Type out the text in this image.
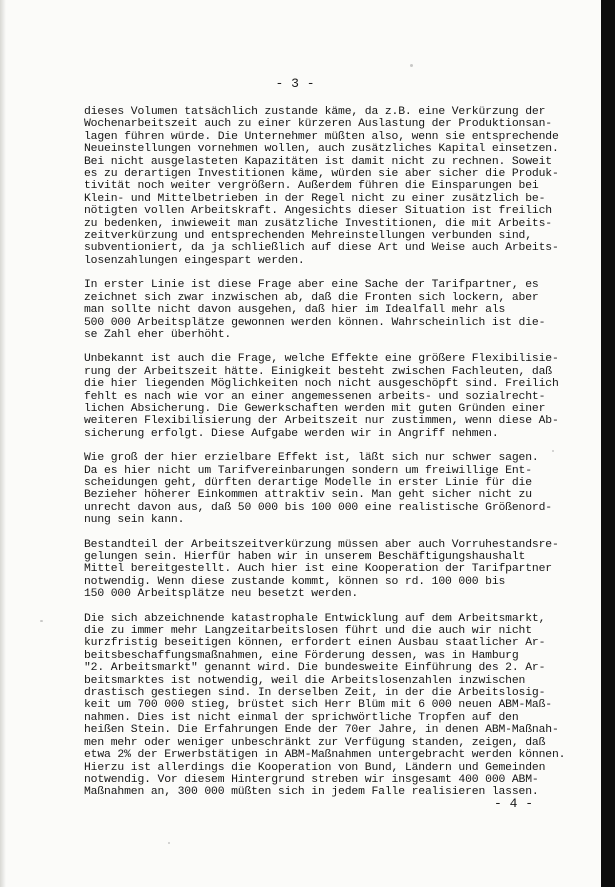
- 3 -

dieses Volumen tatsächlich zustande käme, da z.B. eine Verkürzung der
Wochenarbeitszeit auch zu einer kürzeren Auslastung der Produktionsan-
lagen führen würde. Die Unternehmer müßten also, wenn sie entsprechende
Neueinstellungen vornehmen wollen, auch zusätzliches Kapital einsetzen.
Bei nicht ausgelasteten Kapazitäten ist damit nicht zu rechnen. Soweit
es zu derartigen Investitionen käme, würden sie aber sicher die Produk-
tivität noch weiter vergrößern. Außerdem führen die Einsparungen bei
Klein- und Mittelbetrieben in der Regel nicht zu einer zusätzlich be-
nötigten vollen Arbeitskraft. Angesichts dieser Situation ist freilich
zu bedenken, inwieweit man zusätzliche Investitionen, die mit Arbeits-
zeitverkürzung und entsprechenden Mehreinstellungen verbunden sind,
subventioniert, da ja schließlich auf diese Art und Weise auch Arbeits-
losenzahlungen eingespart werden.

In erster Linie ist diese Frage aber eine Sache der Tarifpartner, es
zeichnet sich zwar inzwischen ab, daß die Fronten sich lockern, aber
man sollte nicht davon ausgehen, daß hier im Idealfall mehr als
500 000 Arbeitsplätze gewonnen werden können. Wahrscheinlich ist die-
se Zahl eher überhöht.

Unbekannt ist auch die Frage, welche Effekte eine größere Flexibilisie-
rung der Arbeitszeit hätte. Einigkeit besteht zwischen Fachleuten, daß
die hier liegenden Möglichkeiten noch nicht ausgeschöpft sind. Freilich
fehlt es nach wie vor an einer angemessenen arbeits- und sozialrecht-
lichen Absicherung. Die Gewerkschaften werden mit guten Gründen einer
weiteren Flexibilisierung der Arbeitszeit nur zustimmen, wenn diese Ab-
sicherung erfolgt. Diese Aufgabe werden wir in Angriff nehmen.

Wie groß der hier erzielbare Effekt ist, läßt sich nur schwer sagen.
Da es hier nicht um Tarifvereinbarungen sondern um freiwillige Ent-
scheidungen geht, dürften derartige Modelle in erster Linie für die
Bezieher höherer Einkommen attraktiv sein. Man geht sicher nicht zu
unrecht davon aus, daß 50 000 bis 100 000 eine realistische Größenord-
nung sein kann.

Bestandteil der Arbeitszeitverkürzung müssen aber auch Vorruhestandsre-
gelungen sein. Hierfür haben wir in unserem Beschäftigungshaushalt
Mittel bereitgestellt. Auch hier ist eine Kooperation der Tarifpartner
notwendig. Wenn diese zustande kommt, können so rd. 100 000 bis
150 000 Arbeitsplätze neu besetzt werden.

Die sich abzeichnende katastrophale Entwicklung auf dem Arbeitsmarkt,
die zu immer mehr Langzeitarbeitslosen führt und die auch wir nicht
kurzfristig beseitigen können, erfordert einen Ausbau staatlicher Ar-
beitsbeschaffungsmaßnahmen, eine Förderung dessen, was in Hamburg
"2. Arbeitsmarkt" genannt wird. Die bundesweite Einführung des 2. Ar-
beitsmarktes ist notwendig, weil die Arbeitslosenzahlen inzwischen
drastisch gestiegen sind. In derselben Zeit, in der die Arbeitslosig-
keit um 700 000 stieg, brüstet sich Herr Blüm mit 6 000 neuen ABM-Maß-
nahmen. Dies ist nicht einmal der sprichwörtliche Tropfen auf den
heißen Stein. Die Erfahrungen Ende der 70er Jahre, in denen ABM-Maßnah-
men mehr oder weniger unbeschränkt zur Verfügung standen, zeigen, daß
etwa 2% der Erwerbstätigen in ABM-Maßnahmen untergebracht werden können.
Hierzu ist allerdings die Kooperation von Bund, Ländern und Gemeinden
notwendig. Vor diesem Hintergrund streben wir insgesamt 400 000 ABM-
Maßnahmen an, 300 000 müßten sich in jedem Falle realisieren lassen.

- 4 -
